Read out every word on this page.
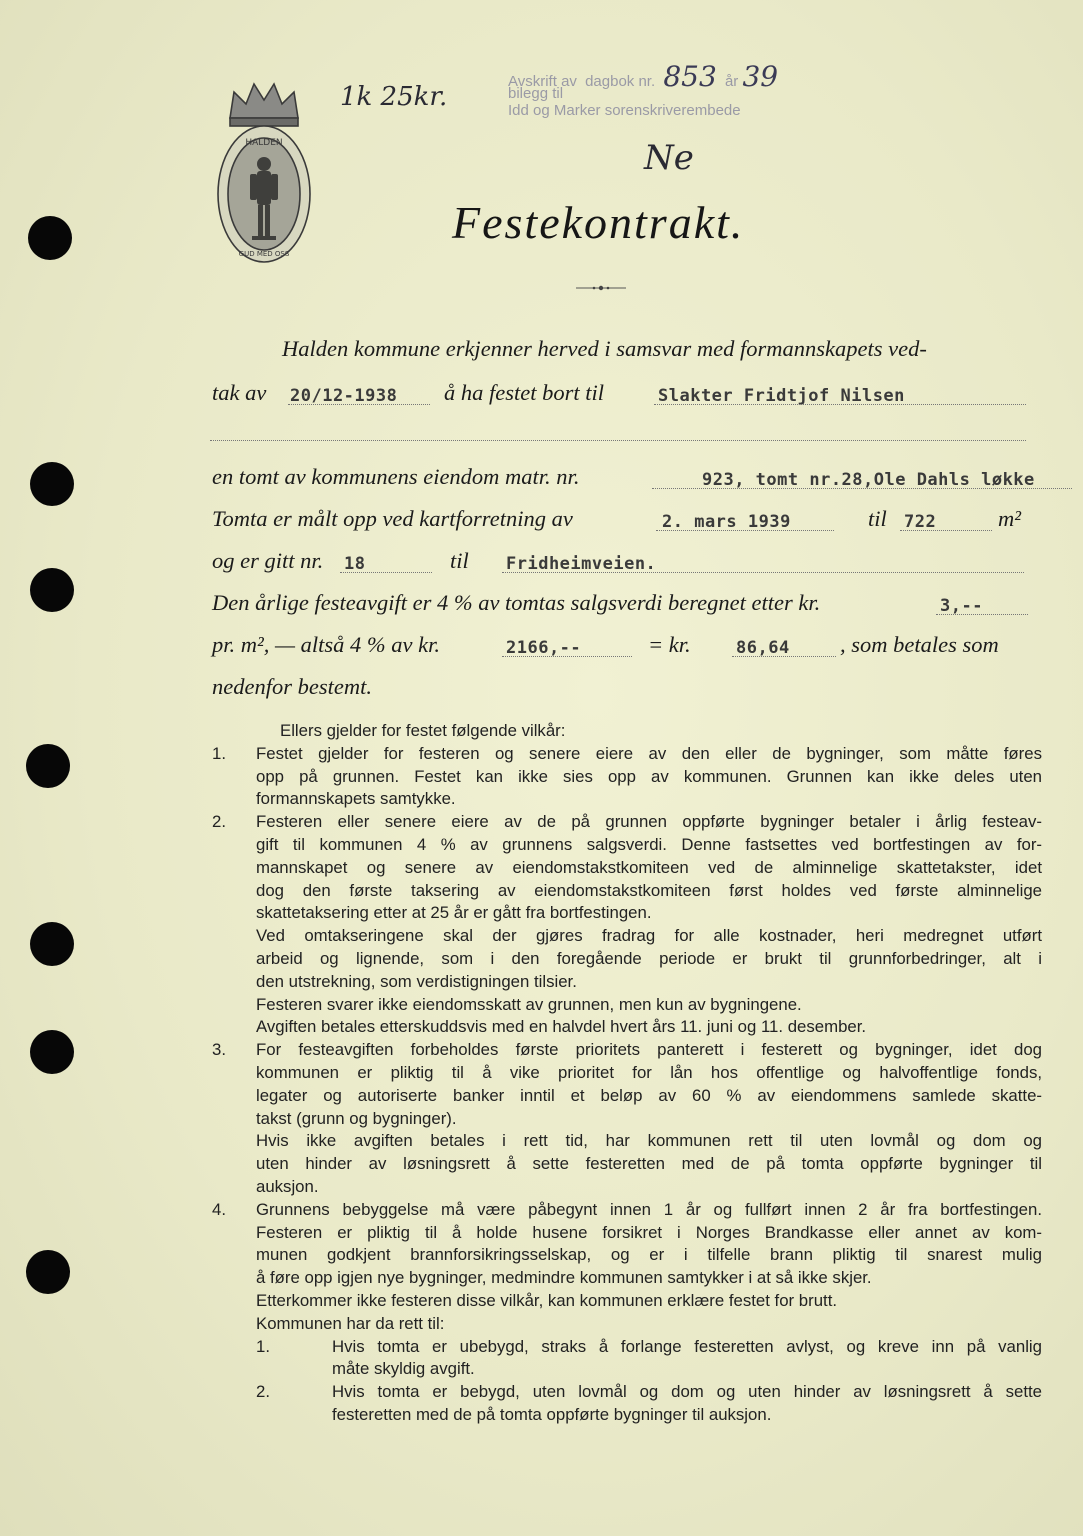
HALDEN
GUD MED OSS
1k 25kr.
Avskrift av dagbok nr. 853 år 39
bilegg til
Idd og Marker sorenskriverembede
Ne
Festekontrakt.
Halden kommune erkjenner herved i samsvar med formannskapets ved-
tak av 20/12-1938 å ha festet bort til	Slakter Fridtjof Nilsen
en tomt av kommunens eiendom matr. nr.	923, tomt nr.28,Ole Dahls løkke
Tomta er målt opp ved kartforretning av	2. mars 1939	til 722	m²
og er gitt nr. 18	til Fridheimveien.
Den årlige festeavgift er 4 % av tomtas salgsverdi beregnet etter kr.	3,--
pr. m², — altså 4 % av kr.	2166,--	= kr.	86,64 , som betales som
nedenfor bestemt.
Ellers gjelder for festet følgende vilkår:
1.	Festet gjelder for festeren og senere eiere av den eller de bygninger, som måtte føres
opp på grunnen. Festet kan ikke sies opp av kommunen. Grunnen kan ikke deles uten
formannskapets samtykke.
2.	Festeren eller senere eiere av de på grunnen oppførte bygninger betaler i årlig festeav-
gift til kommunen 4 % av grunnens salgsverdi. Denne fastsettes ved bortfestingen av for-
mannskapet og senere av eiendomstakstkomiteen ved de alminnelige skattetakster, idet
dog den første taksering av eiendomstakstkomiteen først holdes ved første alminnelige
skattetaksering etter at 25 år er gått fra bortfestingen.
Ved omtakseringene skal der gjøres fradrag for alle kostnader, heri medregnet utført
arbeid og lignende, som i den foregående periode er brukt til grunnforbedringer, alt i
den utstrekning, som verdistigningen tilsier.
Festeren svarer ikke eiendomsskatt av grunnen, men kun av bygningene.
Avgiften betales etterskuddsvis med en halvdel hvert års 11. juni og 11. desember.
3.	For festeavgiften forbeholdes første prioritets panterett i festerett og bygninger, idet dog
kommunen er pliktig til å vike prioritet for lån hos offentlige og halvoffentlige fonds,
legater og autoriserte banker inntil et beløp av 60 % av eiendommens samlede skatte-
takst (grunn og bygninger).
Hvis ikke avgiften betales i rett tid, har kommunen rett til uten lovmål og dom og
uten hinder av løsningsrett å sette festeretten med de på tomta oppførte bygninger til
auksjon.
4.	Grunnens bebyggelse må være påbegynt innen 1 år og fullført innen 2 år fra bortfestingen.
Festeren er pliktig til å holde husene forsikret i Norges Brandkasse eller annet av kom-
munen godkjent brannforsikringsselskap, og er i tilfelle brann pliktig til snarest mulig
å føre opp igjen nye bygninger, medmindre kommunen samtykker i at så ikke skjer.
Etterkommer ikke festeren disse vilkår, kan kommunen erklære festet for brutt.
Kommunen har da rett til:
1.	Hvis tomta er ubebygd, straks å forlange festeretten avlyst, og kreve inn på vanlig
måte skyldig avgift.
2.	Hvis tomta er bebygd, uten lovmål og dom og uten hinder av løsningsrett å sette
festeretten med de på tomta oppførte bygninger til auksjon.
